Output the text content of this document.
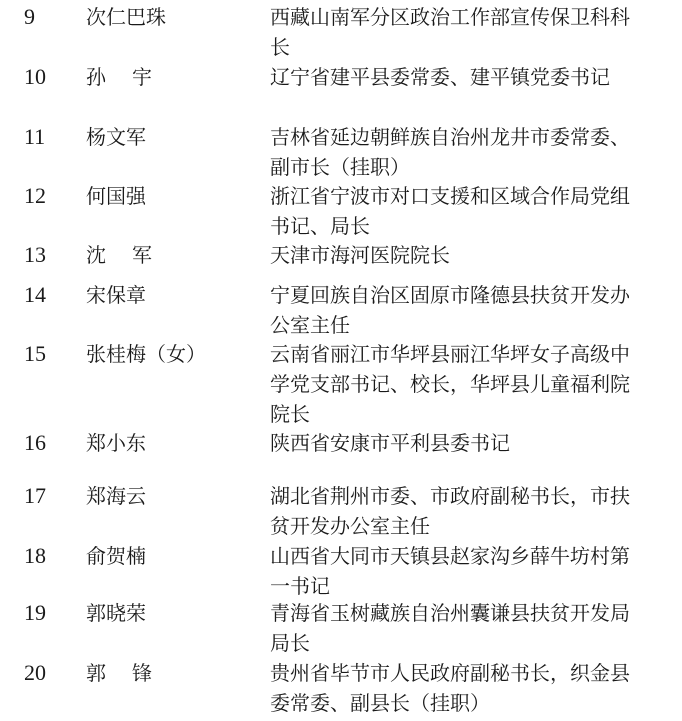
9	次仁巴珠	西藏山南军分区政治工作部宣传保卫科科长
10	孙宇	辽宁省建平县委常委、建平镇党委书记
11	杨文军	吉林省延边朝鲜族自治州龙井市委常委、副市长（挂职）
12	何国强	浙江省宁波市对口支援和区域合作局党组书记、局长
13	沈军	天津市海河医院院长
14	宋保章	宁夏回族自治区固原市隆德县扶贫开发办公室主任
15	张桂梅（女）	云南省丽江市华坪县丽江华坪女子高级中学党支部书记、校长，华坪县儿童福利院院长
16	郑小东	陕西省安康市平利县委书记
17	郑海云	湖北省荆州市委、市政府副秘书长，市扶贫开发办公室主任
18	俞贺楠	山西省大同市天镇县赵家沟乡薛牛坊村第一书记
19	郭晓荣	青海省玉树藏族自治州囊谦县扶贫开发局局长
20	郭锋	贵州省毕节市人民政府副秘书长，织金县委常委、副县长（挂职）
